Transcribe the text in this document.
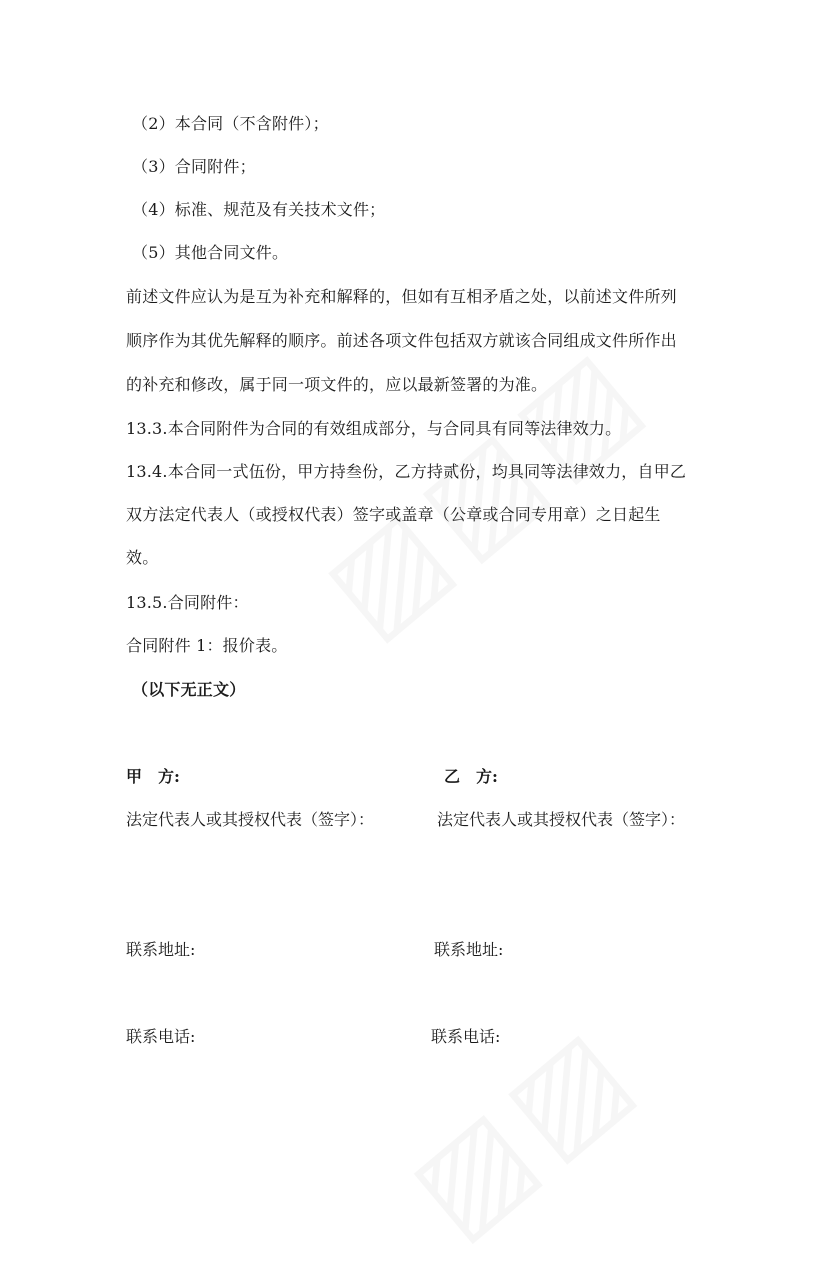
（2）本合同（不含附件）；
（3）合同附件；
（4）标准、规范及有关技术文件；
（5）其他合同文件。
前述文件应认为是互为补充和解释的，但如有互相矛盾之处，以前述文件所列
顺序作为其优先解释的顺序。前述各项文件包括双方就该合同组成文件所作出
的补充和修改，属于同一项文件的，应以最新签署的为准。
13.3.本合同附件为合同的有效组成部分，与合同具有同等法律效力。
13.4.本合同一式伍份，甲方持叁份，乙方持贰份，均具同等法律效力，自甲乙
双方法定代表人（或授权代表）签字或盖章（公章或合同专用章）之日起生
效。
13.5.合同附件：
合同附件 1：报价表。
（以下无正文）
甲　方:	乙　方:
法定代表人或其授权代表（签字）：	法定代表人或其授权代表（签字）：
联系地址:	联系地址:
联系电话:	联系电话:
